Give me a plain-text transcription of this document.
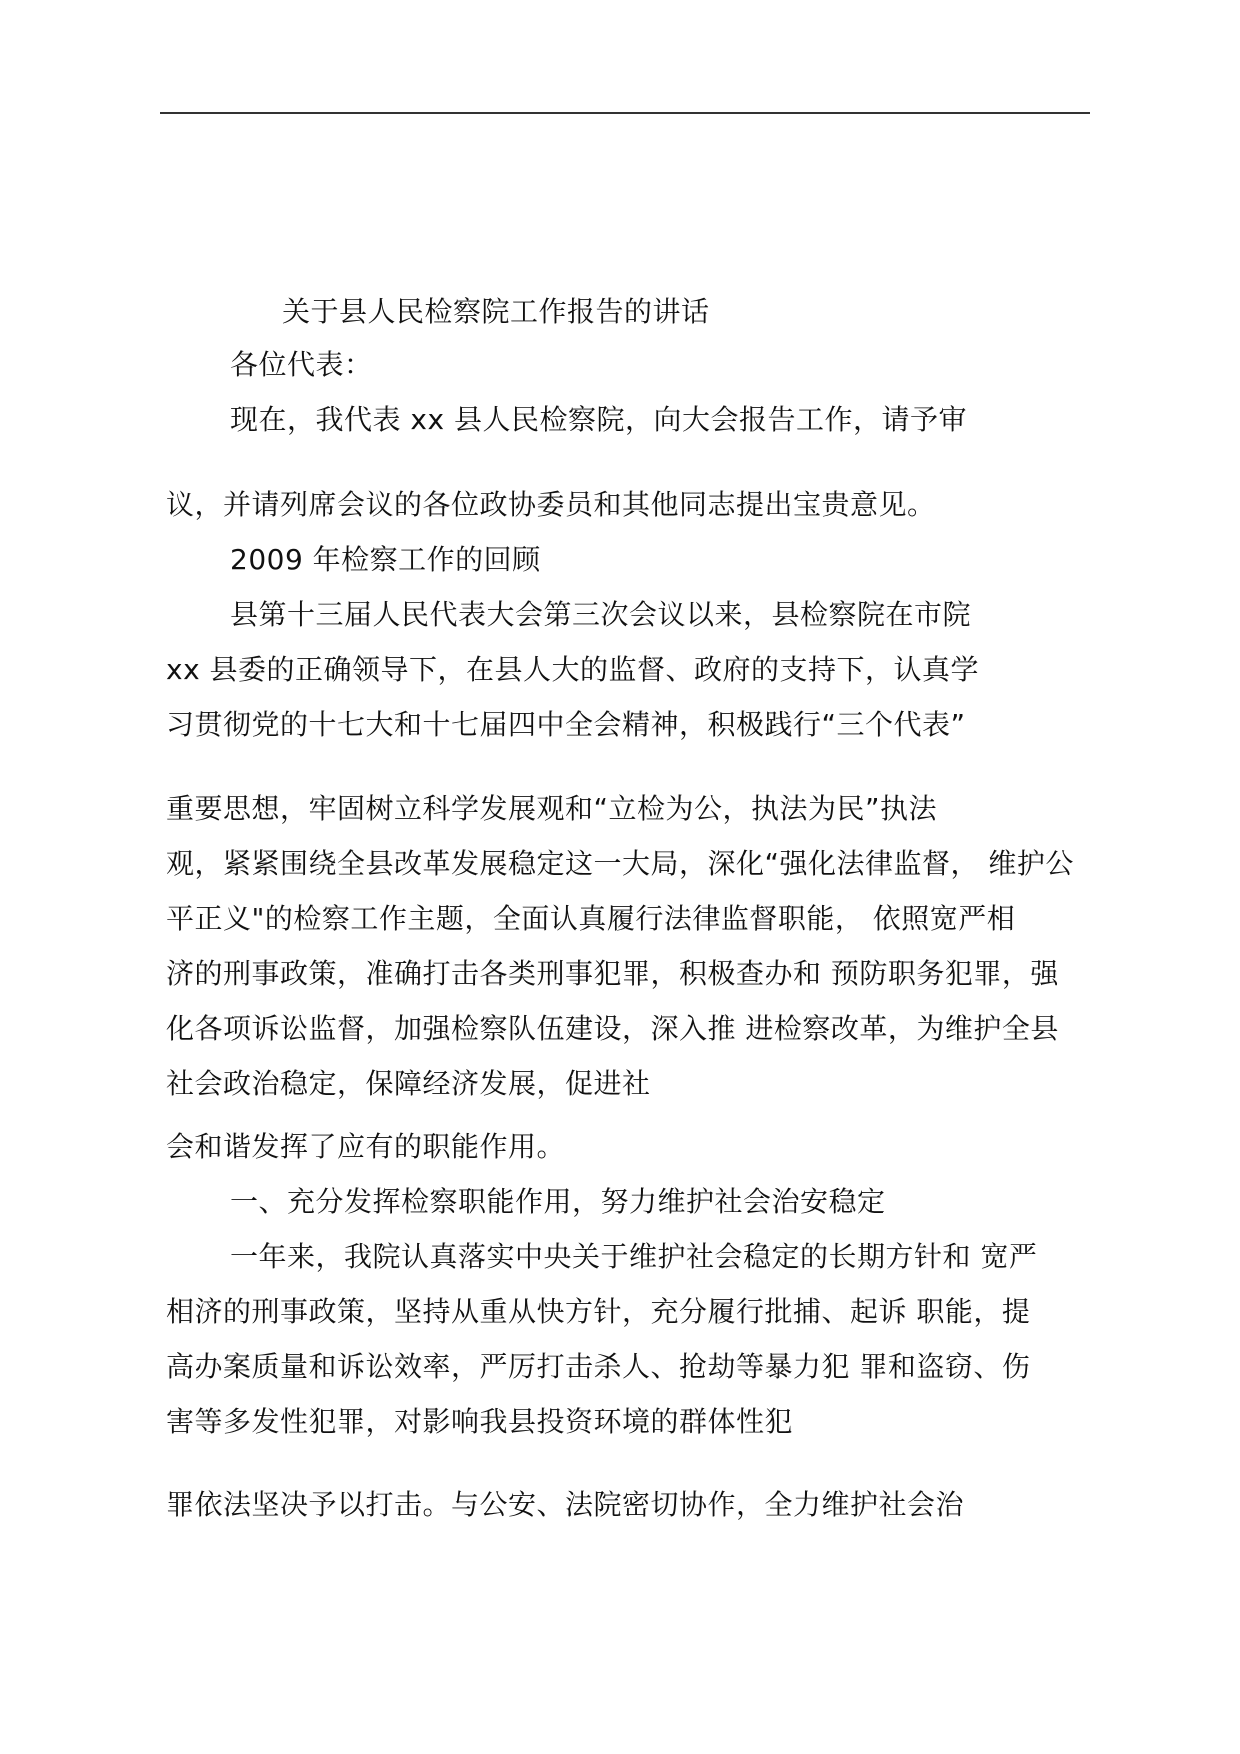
关于县人民检察院工作报告的讲话
各位代表：
现在，我代表 xx 县人民检察院，向大会报告工作，请予审
议，并请列席会议的各位政协委员和其他同志提出宝贵意见。
2009 年检察工作的回顾
县第十三届人民代表大会第三次会议以来，县检察院在市院
xx 县委的正确领导下，在县人大的监督、政府的支持下，认真学
习贯彻党的十七大和十七届四中全会精神，积极践行“三个代表”
重要思想，牢固树立科学发展观和“立检为公，执法为民”执法
观，紧紧围绕全县改革发展稳定这一大局，深化“强化法律监督， 维护公
平正义"的检察工作主题，全面认真履行法律监督职能， 依照宽严相
济的刑事政策，准确打击各类刑事犯罪，积极查办和 预防职务犯罪，强
化各项诉讼监督，加强检察队伍建设，深入推 进检察改革，为维护全县
社会政治稳定，保障经济发展，促进社
会和谐发挥了应有的职能作用。
一、充分发挥检察职能作用，努力维护社会治安稳定
一年来，我院认真落实中央关于维护社会稳定的长期方针和 宽严
相济的刑事政策，坚持从重从快方针，充分履行批捕、起诉 职能，提
高办案质量和诉讼效率，严厉打击杀人、抢劫等暴力犯 罪和盗窃、伤
害等多发性犯罪，对影响我县投资环境的群体性犯
罪依法坚决予以打击。与公安、法院密切协作，全力维护社会治
